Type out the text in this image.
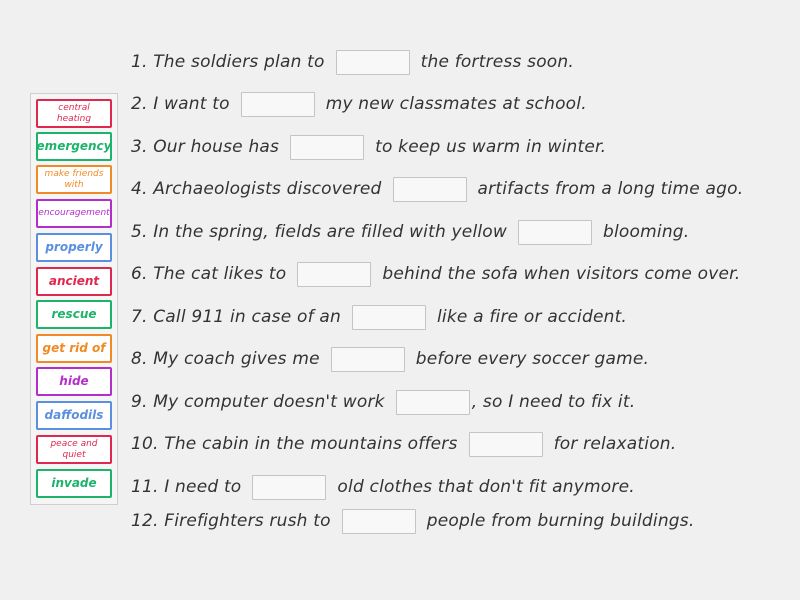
central heating
emergency
make friends with
encouragement
properly
ancient
rescue
get rid of
hide
daffodils
peace and quiet
invade
1. The soldiers plan to	the fortress soon.
2. I want to	my new classmates at school.
3. Our house has	to keep us warm in winter.
4. Archaeologists discovered	artifacts from a long time ago.
5. In the spring, fields are filled with yellow	blooming.
6. The cat likes to	behind the sofa when visitors come over.
7. Call 911 in case of an	like a fire or accident.
8. My coach gives me	before every soccer game.
9. My computer doesn't work	, so I need to fix it.
10. The cabin in the mountains offers	for relaxation.
11. I need to	old clothes that don't fit anymore.
12. Firefighters rush to	people from burning buildings.
